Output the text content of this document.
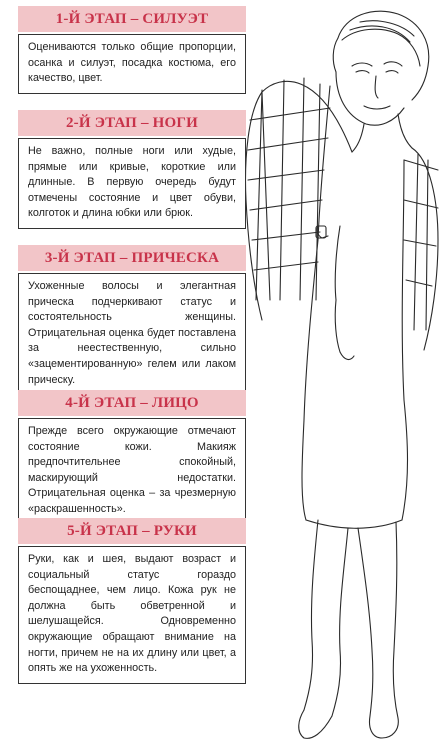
1-Й ЭТАП – СИЛУЭТ

Оцениваются только общие пропорции, осанка и силуэт, посадка костюма, его качество, цвет.

2-Й ЭТАП – НОГИ

Не важно, полные ноги или худые, прямые или кривые, короткие или длинные. В первую очередь будут отмечены состояние и цвет обуви, колготок и длина юбки или брюк.

3-Й ЭТАП – ПРИЧЕСКА

Ухоженные волосы и элегантная прическа подчеркивают статус и состоятельность женщины. Отрицательная оценка будет поставлена за неестественную, сильно «зацементированную» гелем или лаком прическу.

4-Й ЭТАП – ЛИЦО

Прежде всего окружающие отмечают состояние кожи. Макияж предпочтительнее спокойный, маскирующий недостатки. Отрицательная оценка – за чрезмерную «раскрашенность».

5-Й ЭТАП – РУКИ

Руки, как и шея, выдают возраст и социальный статус гораздо беспощаднее, чем лицо. Кожа рук не должна быть обветренной и шелушащейся. Одновременно окружающие обращают внимание на ногти, причем не на их длину или цвет, а опять же на ухоженность.
